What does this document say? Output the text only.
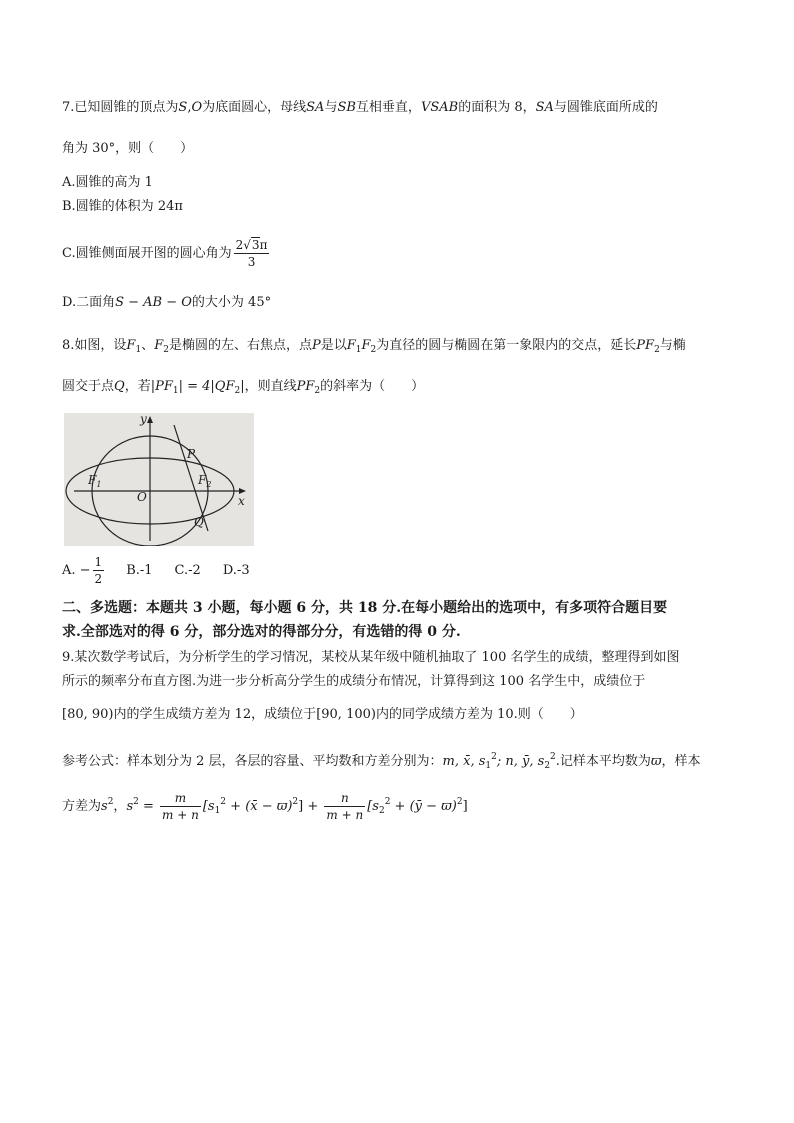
7.已知圆锥的顶点为S,O为底面圆心，母线SA与SB互相垂直，VSAB的面积为 8，SA与圆锥底面所成的
角为 30°，则（　　）
A.圆锥的高为 1
B.圆锥的体积为 24π
C.圆锥侧面展开图的圆心角为 $\frac{2√3\pi}{3}$
D.二面角S − AB − O的大小为 45°
8.如图，设$F_1$、$F_2$是椭圆的左、右焦点，点P是以$F_1F_2$为直径的圆与椭圆在第一象限内的交点，延长$PF_2$与椭
圆交于点Q，若$|PF_1| = 4|QF_2|$，则直线$PF_2$的斜率为（　　）
y
x
O
P
Q
$F_1$	$F_2$
A. − $\frac{1}{2} B.-1$ C.-2 D.-3
二、多选题：本题共 3 小题，每小题 6 分，共 18 分.在每小题给出的选项中，有多项符合题目要
求.全部选对的得 6 分，部分选对的得部分分，有选错的得 0 分.
9.某次数学考试后，为分析学生的学习情况，某校从某年级中随机抽取了 100 名学生的成绩，整理得到如图
所示的频率分布直方图.为进一步分析高分学生的成绩分布情况，计算得到这 100 名学生中，成绩位于
[80, 90)内的学生成绩方差为 12，成绩位于[90, 100)内的同学成绩方差为 10.则（　　）
参考公式：样本划分为 2 层，各层的容量、平均数和方差分别为：m, x̄, $s_1^2$; n, ȳ, $s_2^2$.记样本平均数为ϖ，样本
方差为$s^2$，$s^2 = \frac{m}{m + n} [s_1^2$ + (x̄ − $ϖ)^2] + \frac{n}{m + n} [s_2^2$ + (ȳ − ϖ)$^2$]
